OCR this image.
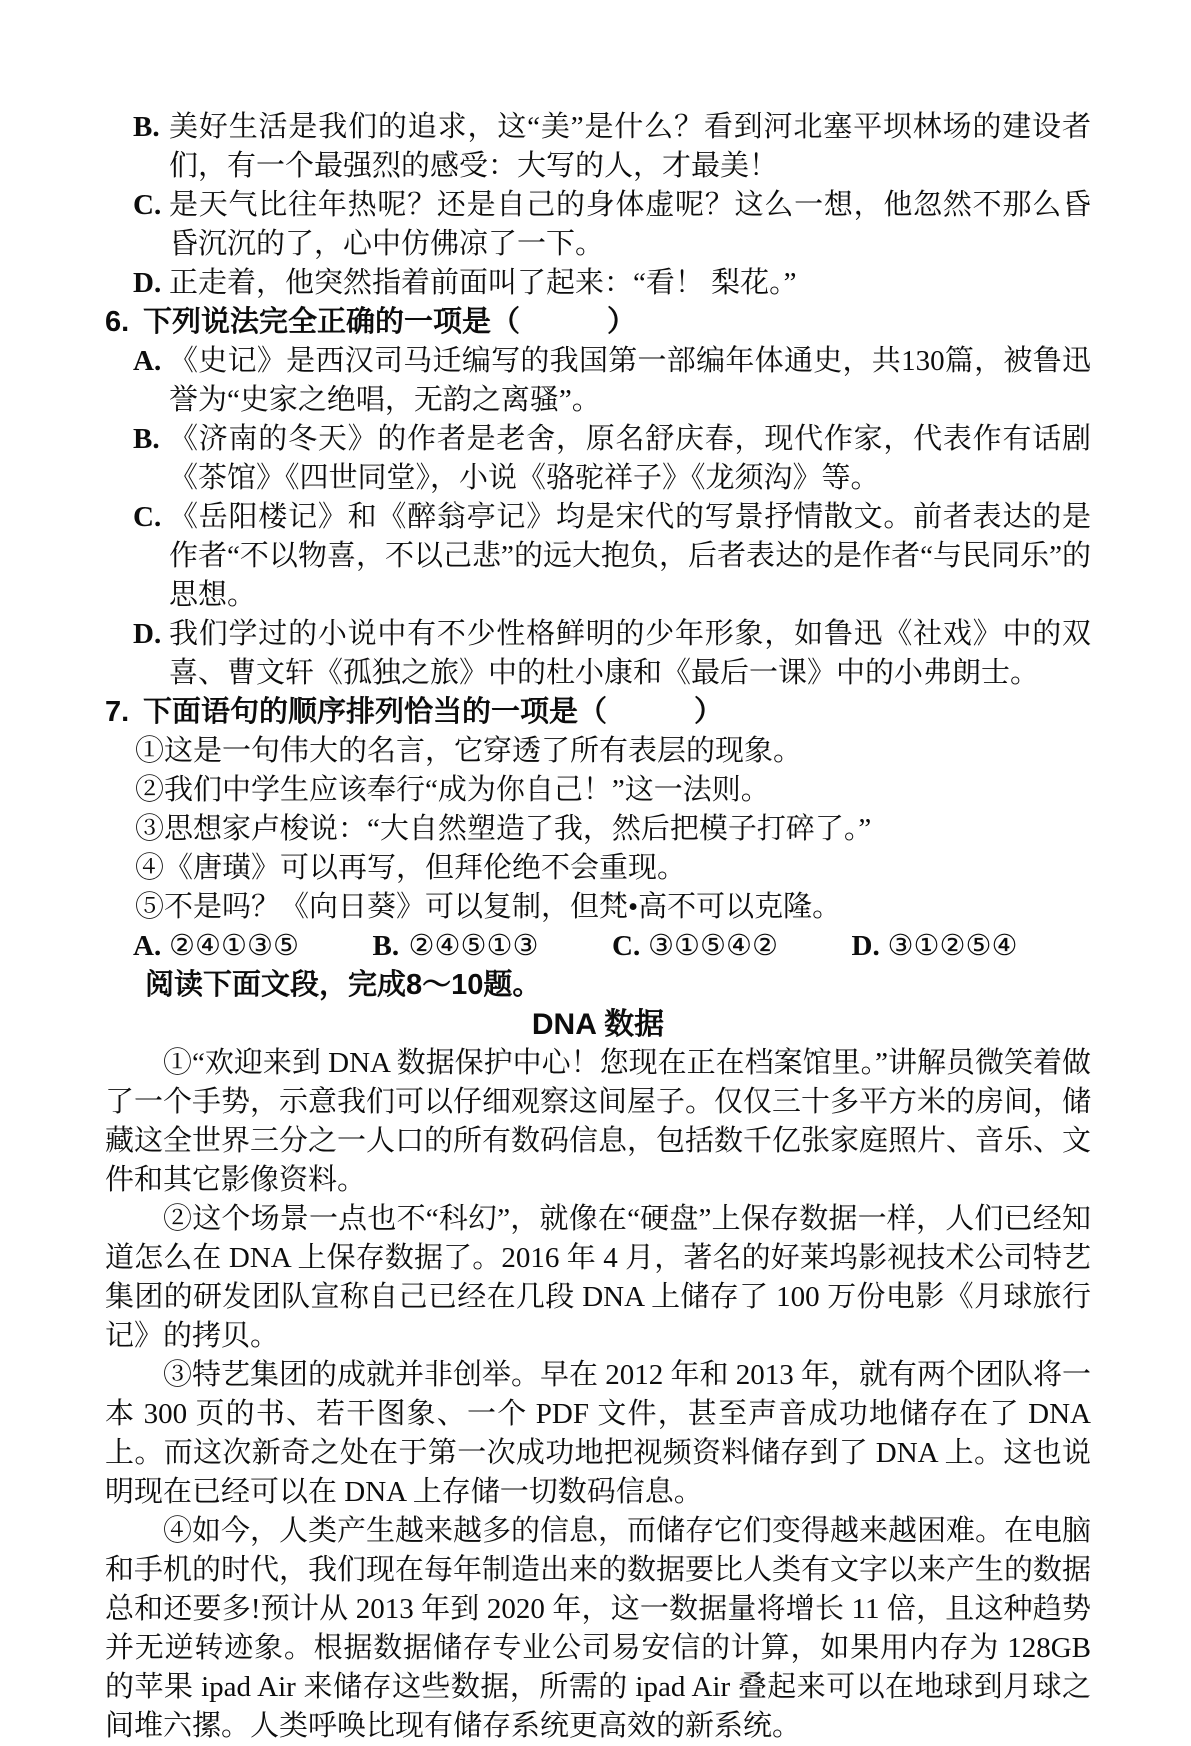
B. 美好生活是我们的追求，这“美”是什么？看到河北塞平坝林场的建设者们，有一个最强烈的感受：大写的人，才最美！
C. 是天气比往年热呢？还是自己的身体虚呢？这么一想，他忽然不那么昏昏沉沉的了，心中仿佛凉了一下。
D. 正走着，他突然指着前面叫了起来：“看！ 梨花。”
6. 下列说法完全正确的一项是（　　　）
A. 《史记》是西汉司马迁编写的我国第一部编年体通史，共130篇，被鲁迅誉为“史家之绝唱，无韵之离骚”。
B. 《济南的冬天》的作者是老舍，原名舒庆春，现代作家，代表作有话剧《茶馆》《四世同堂》，小说《骆驼祥子》《龙须沟》等。
C. 《岳阳楼记》和《醉翁亭记》均是宋代的写景抒情散文。前者表达的是作者“不以物喜，不以己悲”的远大抱负，后者表达的是作者“与民同乐”的思想。
D. 我们学过的小说中有不少性格鲜明的少年形象，如鲁迅《社戏》中的双喜、曹文轩《孤独之旅》中的杜小康和《最后一课》中的小弗朗士。
7. 下面语句的顺序排列恰当的一项是（　　　）
①这是一句伟大的名言，它穿透了所有表层的现象。
②我们中学生应该奉行“成为你自己！”这一法则。
③思想家卢梭说：“大自然塑造了我，然后把模子打碎了。”
④《唐璜》可以再写，但拜伦绝不会重现。
⑤不是吗？《向日葵》可以复制，但梵•高不可以克隆。
A. ②④①③⑤	B. ②④⑤①③	C. ③①⑤④②	D. ③①②⑤④

阅读下面文段，完成8～10题。

DNA 数据

①“欢迎来到 DNA 数据保护中心！您现在正在档案馆里。”讲解员微笑着做了一个手势，示意我们可以仔细观察这间屋子。仅仅三十多平方米的房间，储藏这全世界三分之一人口的所有数码信息，包括数千亿张家庭照片、音乐、文件和其它影像资料。

②这个场景一点也不“科幻”，就像在“硬盘”上保存数据一样，人们已经知道怎么在 DNA 上保存数据了。2016 年 4 月，著名的好莱坞影视技术公司特艺集团的研发团队宣称自己已经在几段 DNA 上储存了 100 万份电影《月球旅行记》的拷贝。

③特艺集团的成就并非创举。早在 2012 年和 2013 年，就有两个团队将一本 300 页的书、若干图象、一个 PDF 文件，甚至声音成功地储存在了 DNA 上。而这次新奇之处在于第一次成功地把视频资料储存到了 DNA 上。这也说明现在已经可以在 DNA 上存储一切数码信息。

④如今，人类产生越来越多的信息，而储存它们变得越来越困难。在电脑和手机的时代，我们现在每年制造出来的数据要比人类有文字以来产生的数据总和还要多!预计从 2013 年到 2020 年，这一数据量将增长 11 倍，且这种趋势并无逆转迹象。根据数据储存专业公司易安信的计算，如果用内存为 128GB 的苹果 ipad Air 来储存这些数据，所需的 ipad Air 叠起来可以在地球到月球之间堆六摞。人类呼唤比现有储存系统更高效的新系统。
